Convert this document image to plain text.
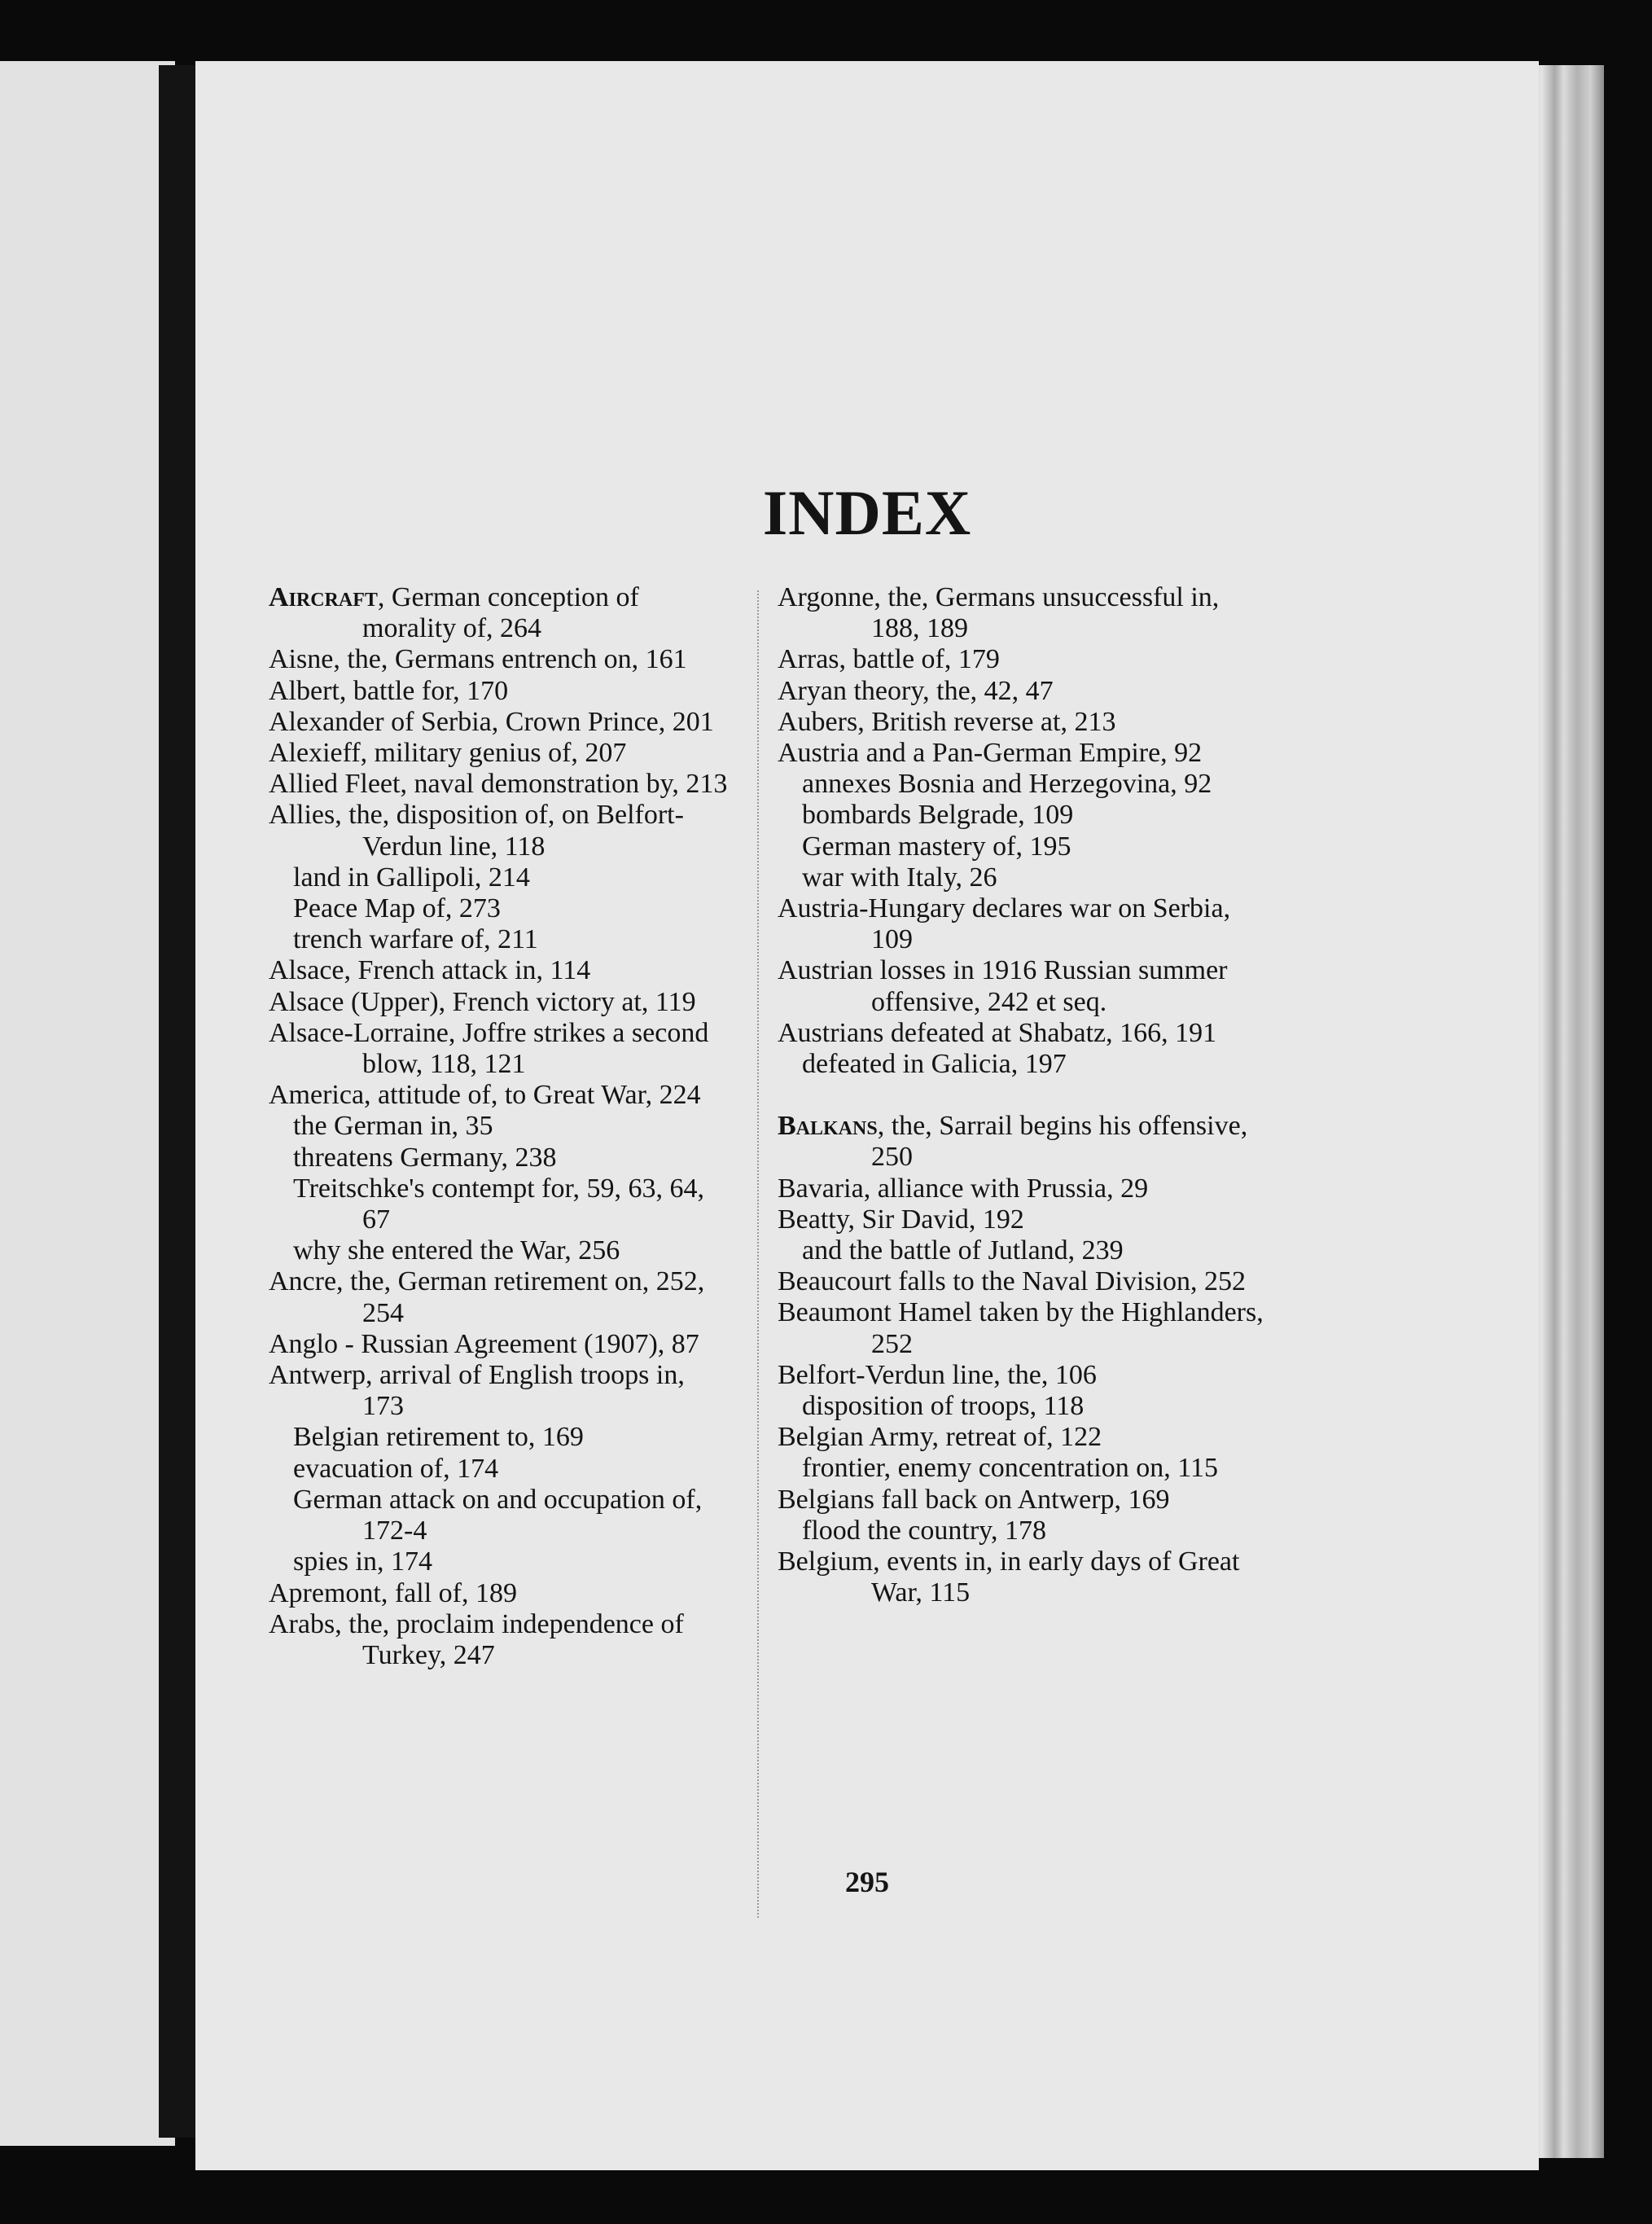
INDEX
Aircraft, German conception of morality of, 264
Aisne, the, Germans entrench on, 161
Albert, battle for, 170
Alexander of Serbia, Crown Prince, 201
Alexieff, military genius of, 207
Allied Fleet, naval demonstration by, 213
Allies, the, disposition of, on Belfort-Verdun line, 118
land in Gallipoli, 214
Peace Map of, 273
trench warfare of, 211
Alsace, French attack in, 114
Alsace (Upper), French victory at, 119
Alsace-Lorraine, Joffre strikes a second blow, 118, 121
America, attitude of, to Great War, 224
the German in, 35
threatens Germany, 238
Treitschke's contempt for, 59, 63, 64, 67
why she entered the War, 256
Ancre, the, German retirement on, 252, 254
Anglo - Russian Agreement (1907), 87
Antwerp, arrival of English troops in, 173
Belgian retirement to, 169
evacuation of, 174
German attack on and occupation of, 172-4
spies in, 174
Apremont, fall of, 189
Arabs, the, proclaim independence of Turkey, 247
Argonne, the, Germans unsuccessful in, 188, 189
Arras, battle of, 179
Aryan theory, the, 42, 47
Aubers, British reverse at, 213
Austria and a Pan-German Empire, 92
annexes Bosnia and Herzegovina, 92
bombards Belgrade, 109
German mastery of, 195
war with Italy, 26
Austria-Hungary declares war on Serbia, 109
Austrian losses in 1916 Russian summer offensive, 242 et seq.
Austrians defeated at Shabatz, 166, 191
defeated in Galicia, 197
Balkans, the, Sarrail begins his offensive, 250
Bavaria, alliance with Prussia, 29
Beatty, Sir David, 192
and the battle of Jutland, 239
Beaucourt falls to the Naval Division, 252
Beaumont Hamel taken by the Highlanders, 252
Belfort-Verdun line, the, 106
disposition of troops, 118
Belgian Army, retreat of, 122
frontier, enemy concentration on, 115
Belgians fall back on Antwerp, 169
flood the country, 178
Belgium, events in, in early days of Great War, 115
295
